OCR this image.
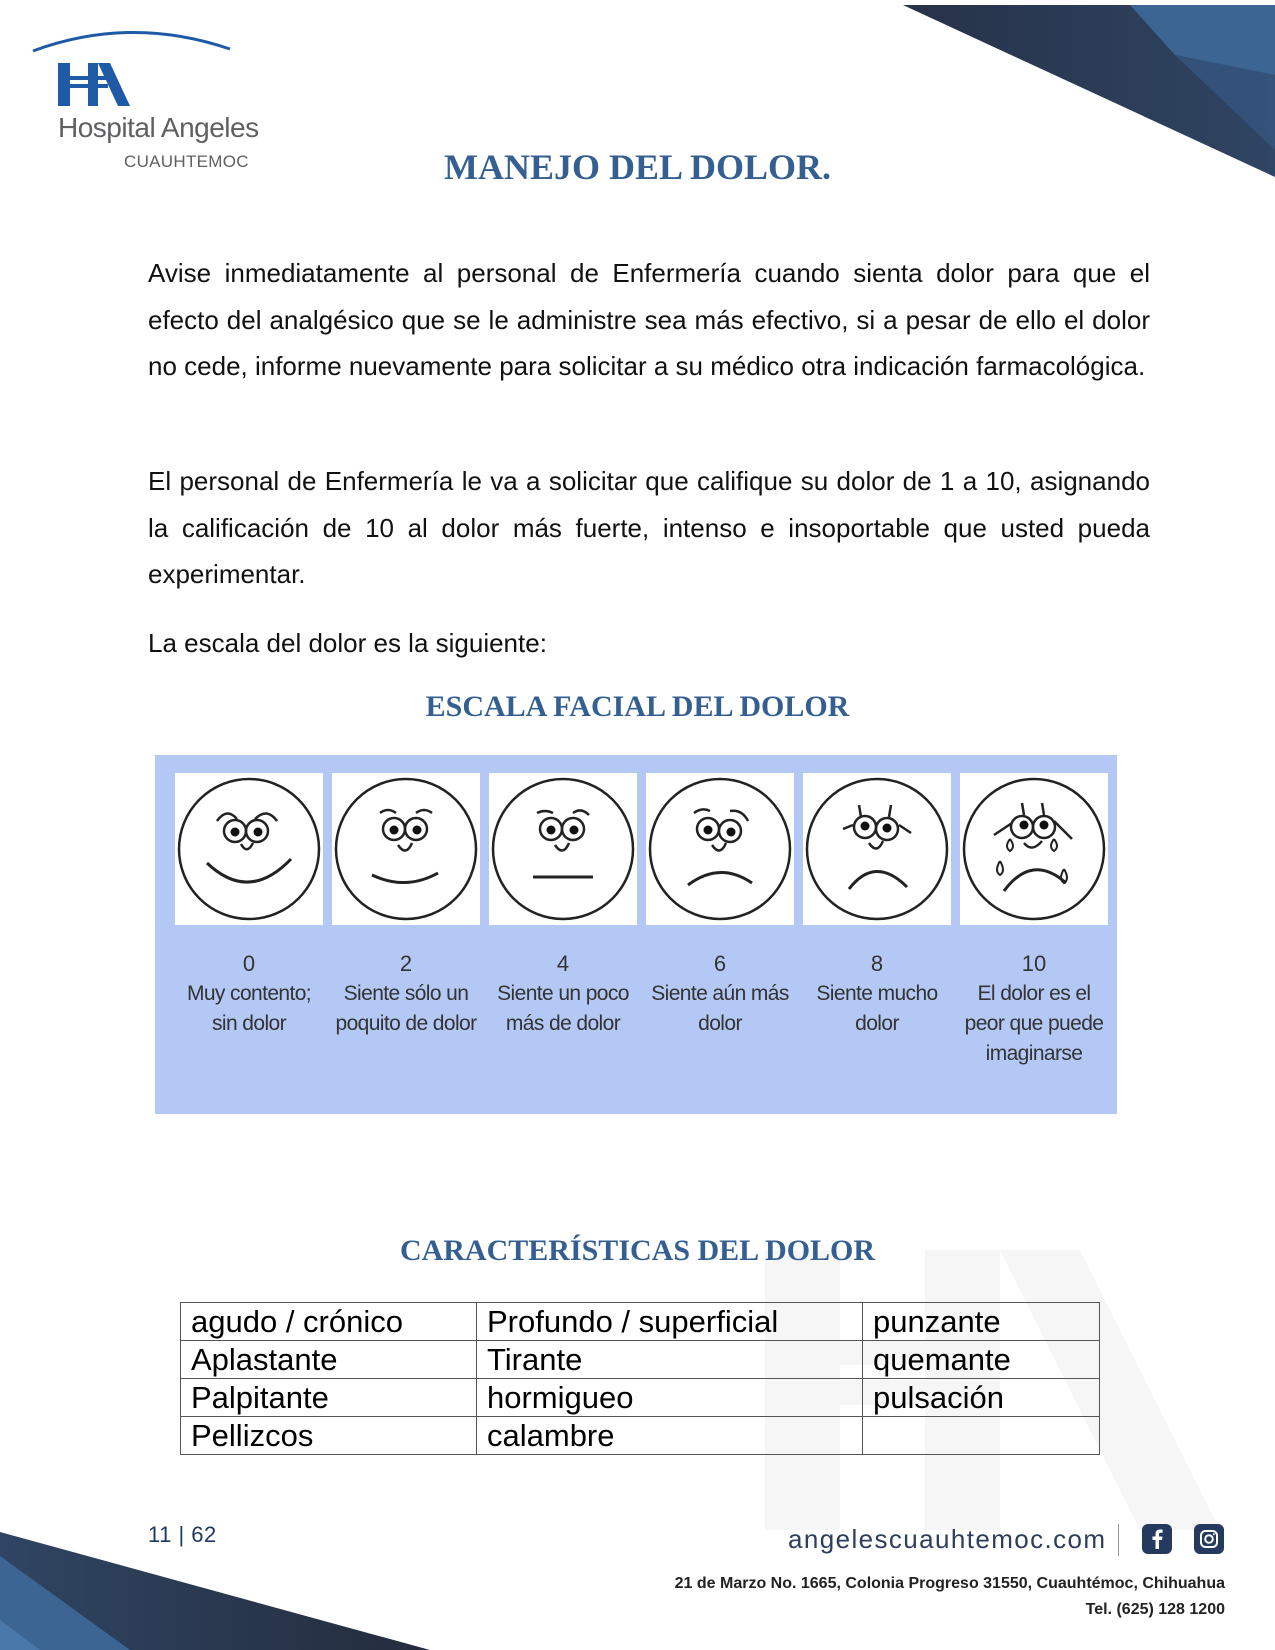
Hospital Angeles
CUAUHTEMOC	MANEJO DEL DOLOR.
Avise inmediatamente al personal de Enfermería cuando sienta dolor para que el efecto del analgésico que se le administre sea más efectivo, si a pesar de ello el dolor no cede, informe nuevamente para solicitar a su médico otra indicación farmacológica.
El personal de Enfermería le va a solicitar que califique su dolor de 1 a 10, asignando la calificación de 10 al dolor más fuerte, intenso e insoportable que usted pueda experimentar.
La escala del dolor es la siguiente:
ESCALA FACIAL DEL DOLOR
0
Muy contento; sin dolor
2
Siente sólo un poquito de dolor
4
Siente un poco más de dolor
6
Siente aún más dolor
8
Siente mucho dolor
10
El dolor es el peor que puede imaginarse
CARACTERÍSTICAS DEL DOLOR
agudo / crónico	Profundo / superficial	punzante
Aplastante	Tirante	quemante
Palpitante	hormigueo	pulsación
Pellizcos	calambre	
11 | 62	angelescuauhtemoc.com
21 de Marzo No. 1665, Colonia Progreso 31550, Cuauhtémoc, Chihuahua
Tel. (625) 128 1200
